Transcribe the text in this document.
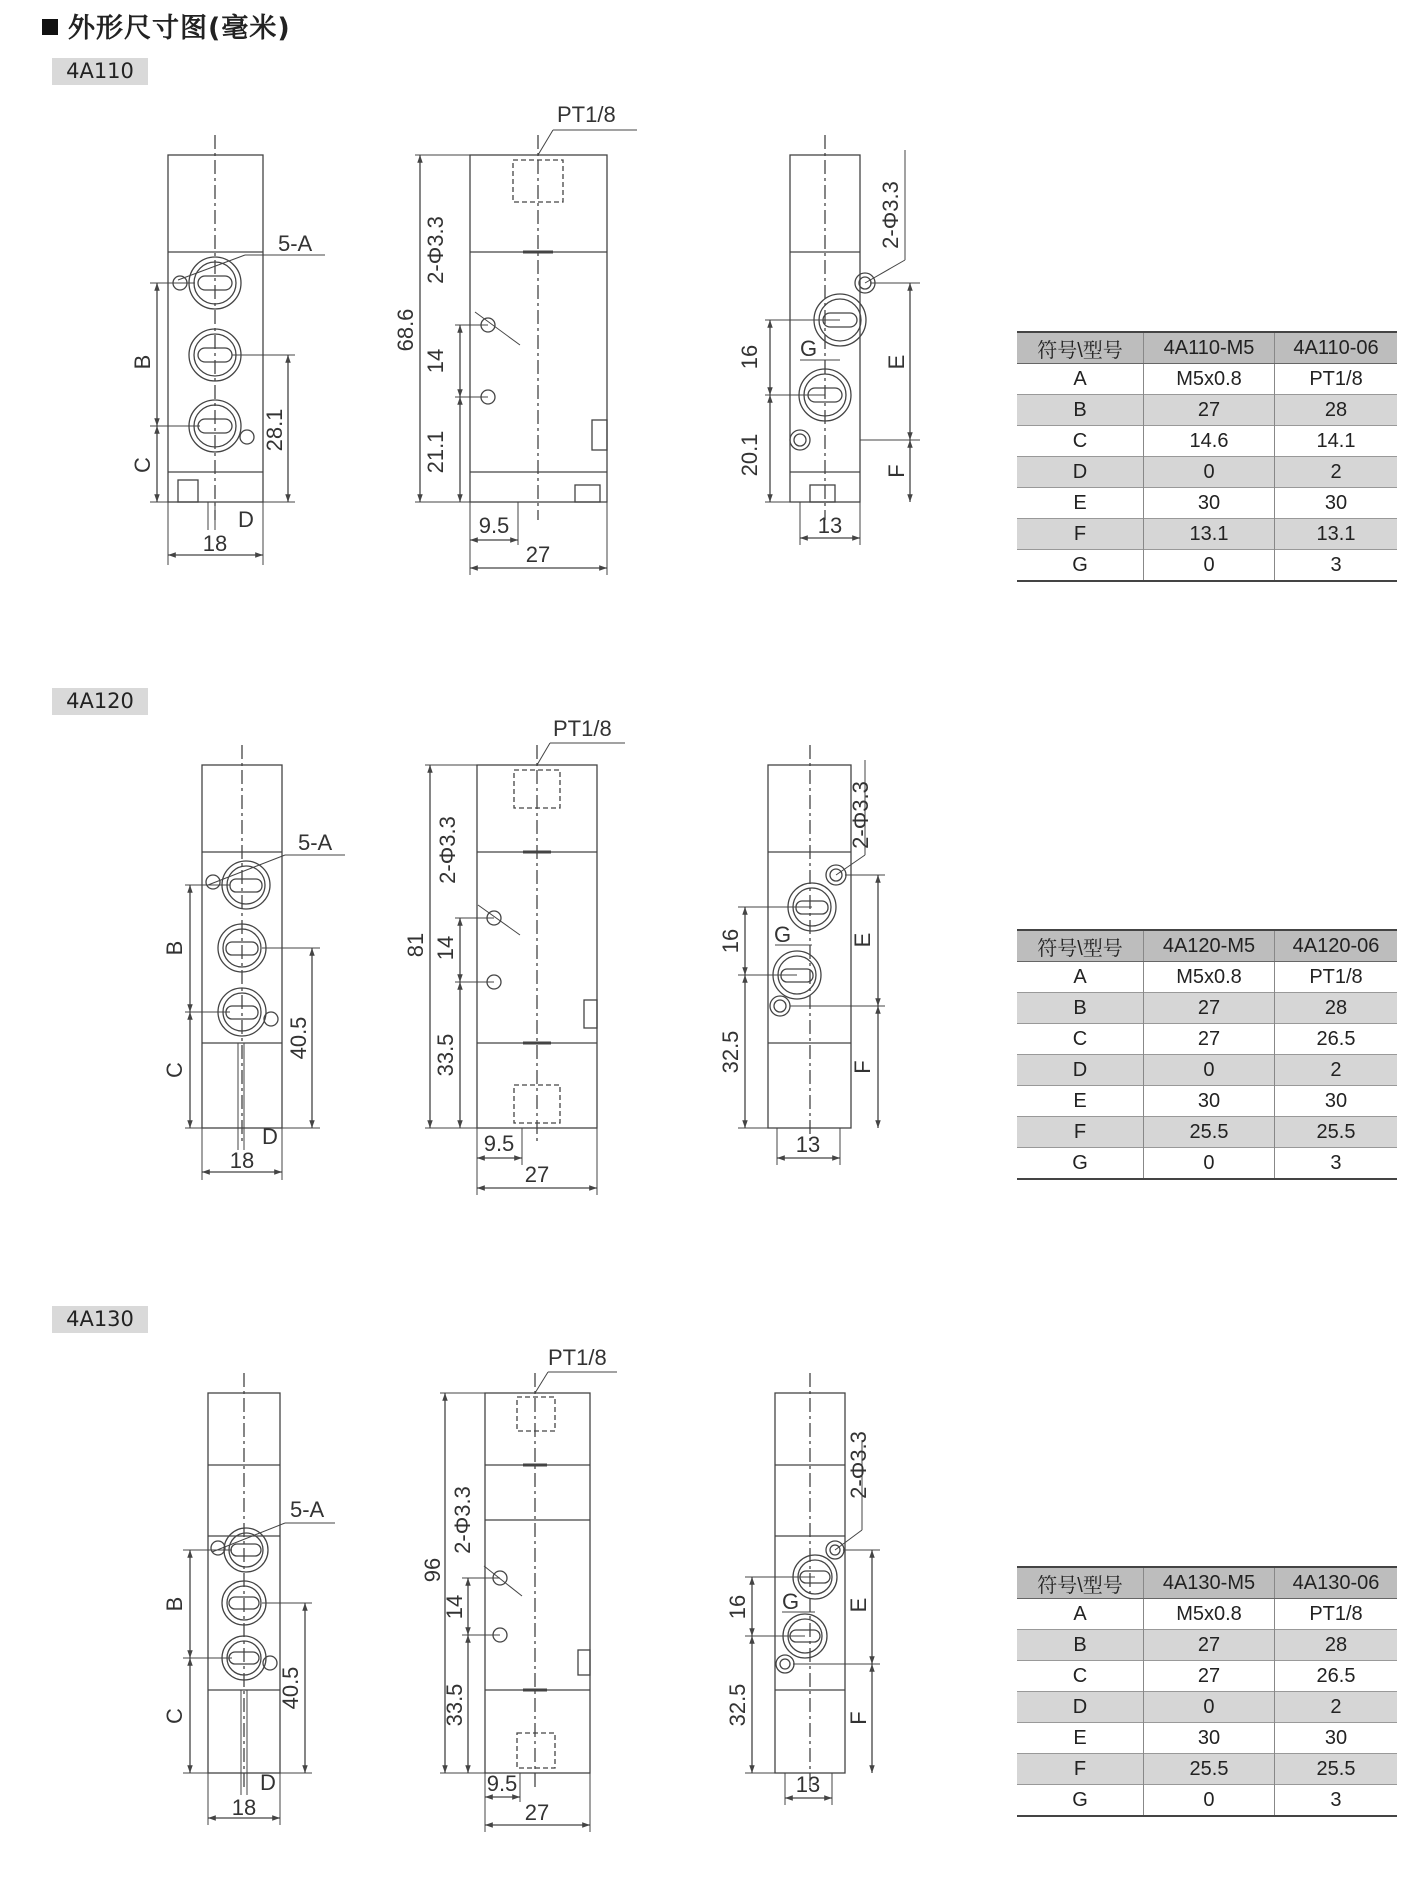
外形尺寸图(毫米)
4A110
4A120
4A130
5-A
B
C
D
18
28.1
PT1/8
2-Φ3.3
68.6
14
21.1
9.5
27
2-Φ3.3
16
20.1
G
E
F
13
5-A
B
C
D
18
40.5
PT1/8
2-Φ3.3
81 14
33.5
9.5
27
2-Φ3.3
16
32.5
G	E
F
13
5-A
B
C
D
18
40.5
PT1/8
2-Φ3.3
96
14
33.5
9.5
27
2-Φ3.3
16
32.5
G E
F
13
符号\型号	4A110-M5	4A110-06
A	M5x0.8	PT1/8
B	27	28
C	14.6	14.1
D	0	2
E	30	30
F	13.1	13.1
G	0	3
符号\型号	4A120-M5	4A120-06
A	M5x0.8	PT1/8
B	27	28
C	27	26.5
D	0	2
E	30	30
F	25.5	25.5
G	0	3
符号\型号	4A130-M5	4A130-06
A	M5x0.8	PT1/8
B	27	28
C	27	26.5
D	0	2
E	30	30
F	25.5	25.5
G	0	3
